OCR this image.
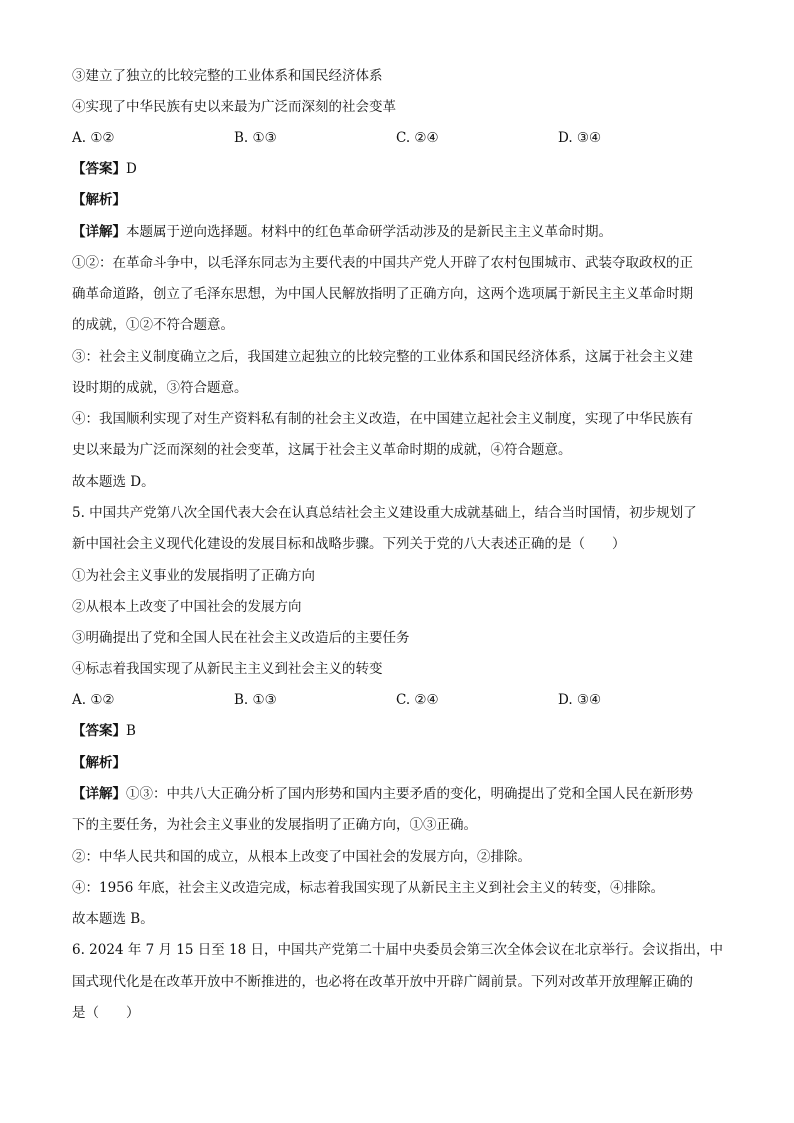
③建立了独立的比较完整的工业体系和国民经济体系
④实现了中华民族有史以来最为广泛而深刻的社会变革
A. ①②	B. ①③	C. ②④	D. ③④
【答案】D
【解析】
【详解】本题属于逆向选择题。材料中的红色革命研学活动涉及的是新民主主义革命时期。
①②：在革命斗争中，以毛泽东同志为主要代表的中国共产党人开辟了农村包围城市、武装夺取政权的正
确革命道路，创立了毛泽东思想，为中国人民解放指明了正确方向，这两个选项属于新民主主义革命时期
的成就，①②不符合题意。
③：社会主义制度确立之后，我国建立起独立的比较完整的工业体系和国民经济体系，这属于社会主义建
设时期的成就，③符合题意。
④：我国顺利实现了对生产资料私有制的社会主义改造，在中国建立起社会主义制度，实现了中华民族有
史以来最为广泛而深刻的社会变革，这属于社会主义革命时期的成就，④符合题意。
故本题选 D。
5. 中国共产党第八次全国代表大会在认真总结社会主义建设重大成就基础上，结合当时国情，初步规划了
新中国社会主义现代化建设的发展目标和战略步骤。下列关于党的八大表述正确的是（　　）
①为社会主义事业的发展指明了正确方向
②从根本上改变了中国社会的发展方向
③明确提出了党和全国人民在社会主义改造后的主要任务
④标志着我国实现了从新民主主义到社会主义的转变
A. ①②	B. ①③	C. ②④	D. ③④
【答案】B
【解析】
【详解】①③：中共八大正确分析了国内形势和国内主要矛盾的变化，明确提出了党和全国人民在新形势
下的主要任务，为社会主义事业的发展指明了正确方向，①③正确。
②：中华人民共和国的成立，从根本上改变了中国社会的发展方向，②排除。
④：1956 年底，社会主义改造完成，标志着我国实现了从新民主主义到社会主义的转变，④排除。
故本题选 B。
6. 2024 年 7 月 15 日至 18 日，中国共产党第二十届中央委员会第三次全体会议在北京举行。会议指出，中
国式现代化是在改革开放中不断推进的，也必将在改革开放中开辟广阔前景。下列对改革开放理解正确的
是（　　）
